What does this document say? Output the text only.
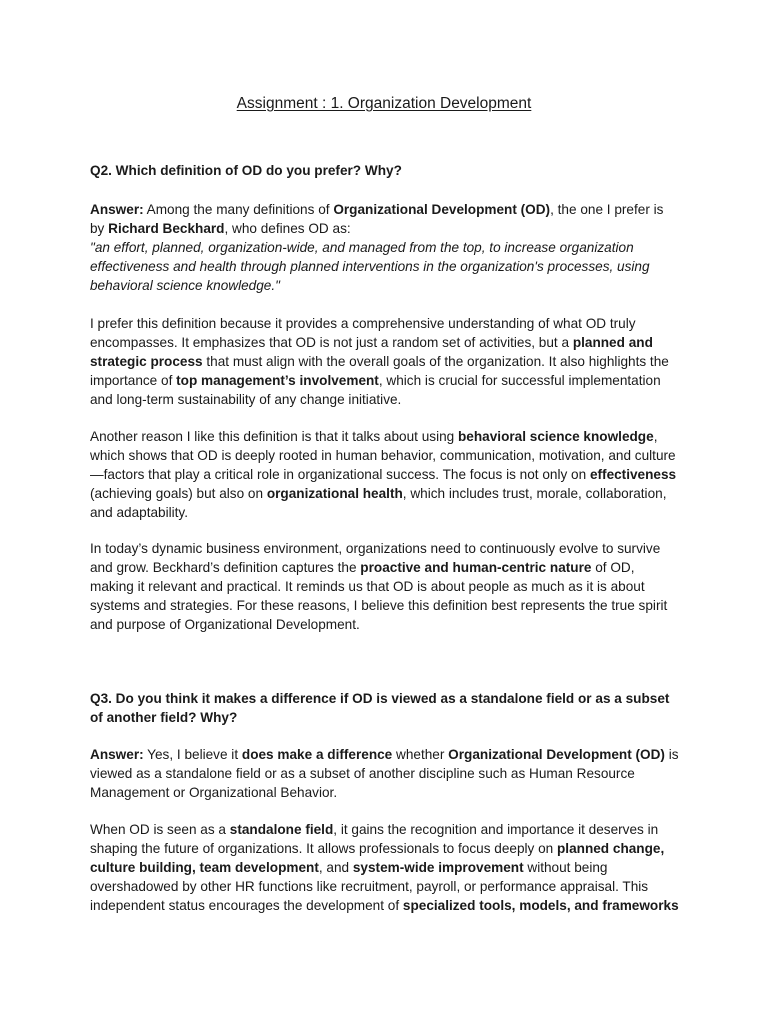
Assignment : 1. Organization Development

Q2. Which definition of OD do you prefer? Why?

Answer: Among the many definitions of Organizational Development (OD), the one I prefer is by Richard Beckhard, who defines OD as:
"an effort, planned, organization-wide, and managed from the top, to increase organization effectiveness and health through planned interventions in the organization's processes, using behavioral science knowledge."

I prefer this definition because it provides a comprehensive understanding of what OD truly encompasses. It emphasizes that OD is not just a random set of activities, but a planned and strategic process that must align with the overall goals of the organization. It also highlights the importance of top management’s involvement, which is crucial for successful implementation and long-term sustainability of any change initiative.

Another reason I like this definition is that it talks about using behavioral science knowledge, which shows that OD is deeply rooted in human behavior, communication, motivation, and culture—factors that play a critical role in organizational success. The focus is not only on effectiveness (achieving goals) but also on organizational health, which includes trust, morale, collaboration, and adaptability.

In today’s dynamic business environment, organizations need to continuously evolve to survive and grow. Beckhard’s definition captures the proactive and human-centric nature of OD, making it relevant and practical. It reminds us that OD is about people as much as it is about systems and strategies. For these reasons, I believe this definition best represents the true spirit and purpose of Organizational Development.

Q3. Do you think it makes a difference if OD is viewed as a standalone field or as a subset of another field? Why?

Answer: Yes, I believe it does make a difference whether Organizational Development (OD) is viewed as a standalone field or as a subset of another discipline such as Human Resource Management or Organizational Behavior.

When OD is seen as a standalone field, it gains the recognition and importance it deserves in shaping the future of organizations. It allows professionals to focus deeply on planned change, culture building, team development, and system-wide improvement without being overshadowed by other HR functions like recruitment, payroll, or performance appraisal. This independent status encourages the development of specialized tools, models, and frameworks
